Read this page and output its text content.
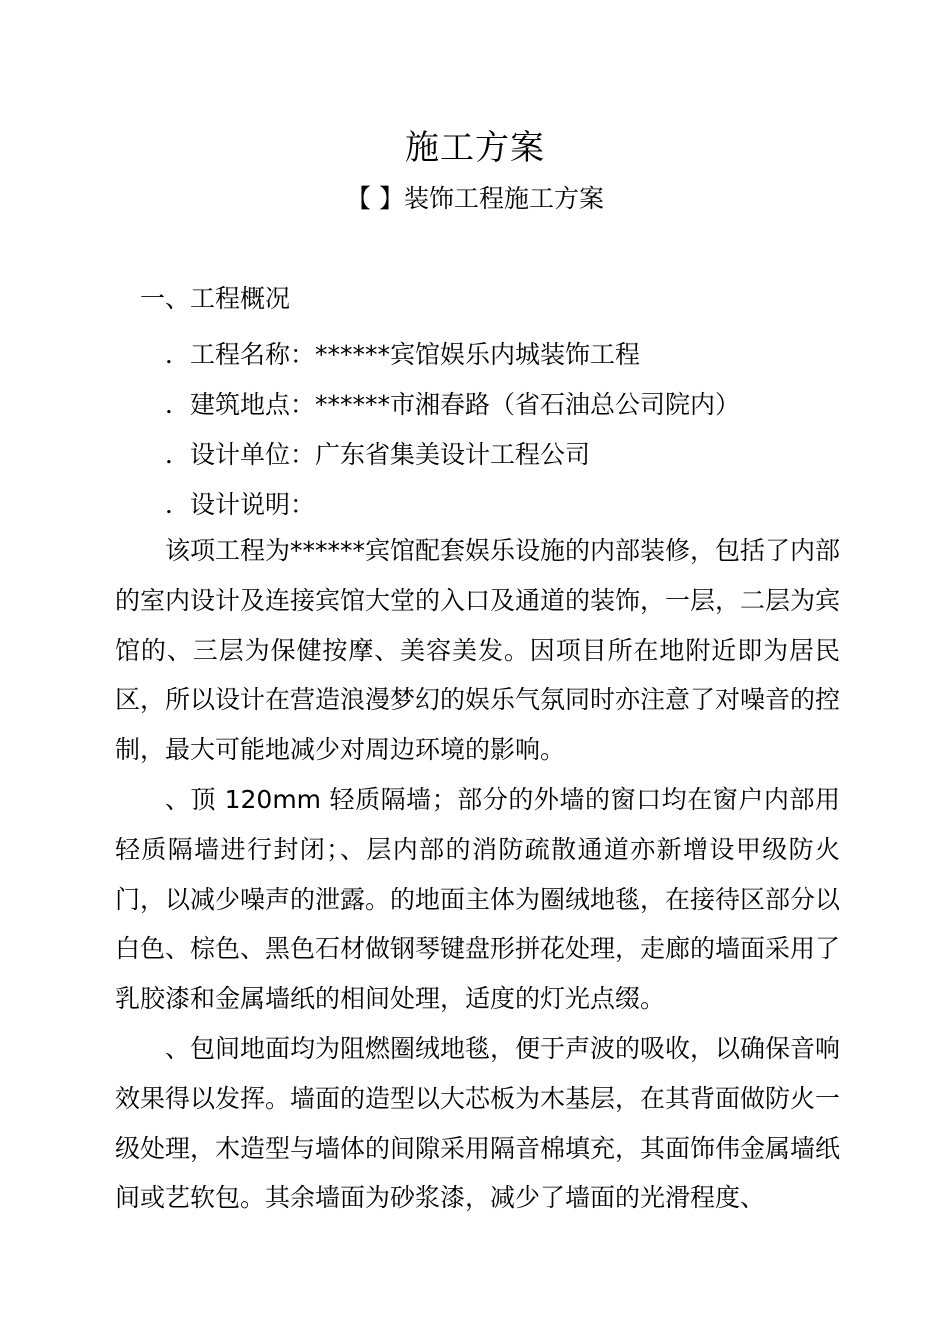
施工方案
【 】装饰工程施工方案
一、工程概况
．工程名称：******宾馆娱乐内城装饰工程
．建筑地点：******市湘春路（省石油总公司院内）
．设计单位：广东省集美设计工程公司
．设计说明：

该项工程为******宾馆配套娱乐设施的内部装修，包括了内部的室内设计及连接宾馆大堂的入口及通道的装饰，一层，二层为宾馆的、三层为保健按摩、美容美发。因项目所在地附近即为居民区，所以设计在营造浪漫梦幻的娱乐气氛同时亦注意了对噪音的控制，最大可能地减少对周边环境的影响。

、顶 120mm 轻质隔墙；部分的外墙的窗口均在窗户内部用轻质隔墙进行封闭；、层内部的消防疏散通道亦新增设甲级防火门，以减少噪声的泄露。的地面主体为圈绒地毯，在接待区部分以白色、棕色、黑色石材做钢琴键盘形拼花处理，走廊的墙面采用了乳胶漆和金属墙纸的相间处理，适度的灯光点缀。

、包间地面均为阻燃圈绒地毯，便于声波的吸收，以确保音响效果得以发挥。墙面的造型以大芯板为木基层，在其背面做防火一级处理，木造型与墙体的间隙采用隔音棉填充，其面饰伟金属墙纸间或艺软包。其余墙面为砂浆漆，减少了墙面的光滑程度、
